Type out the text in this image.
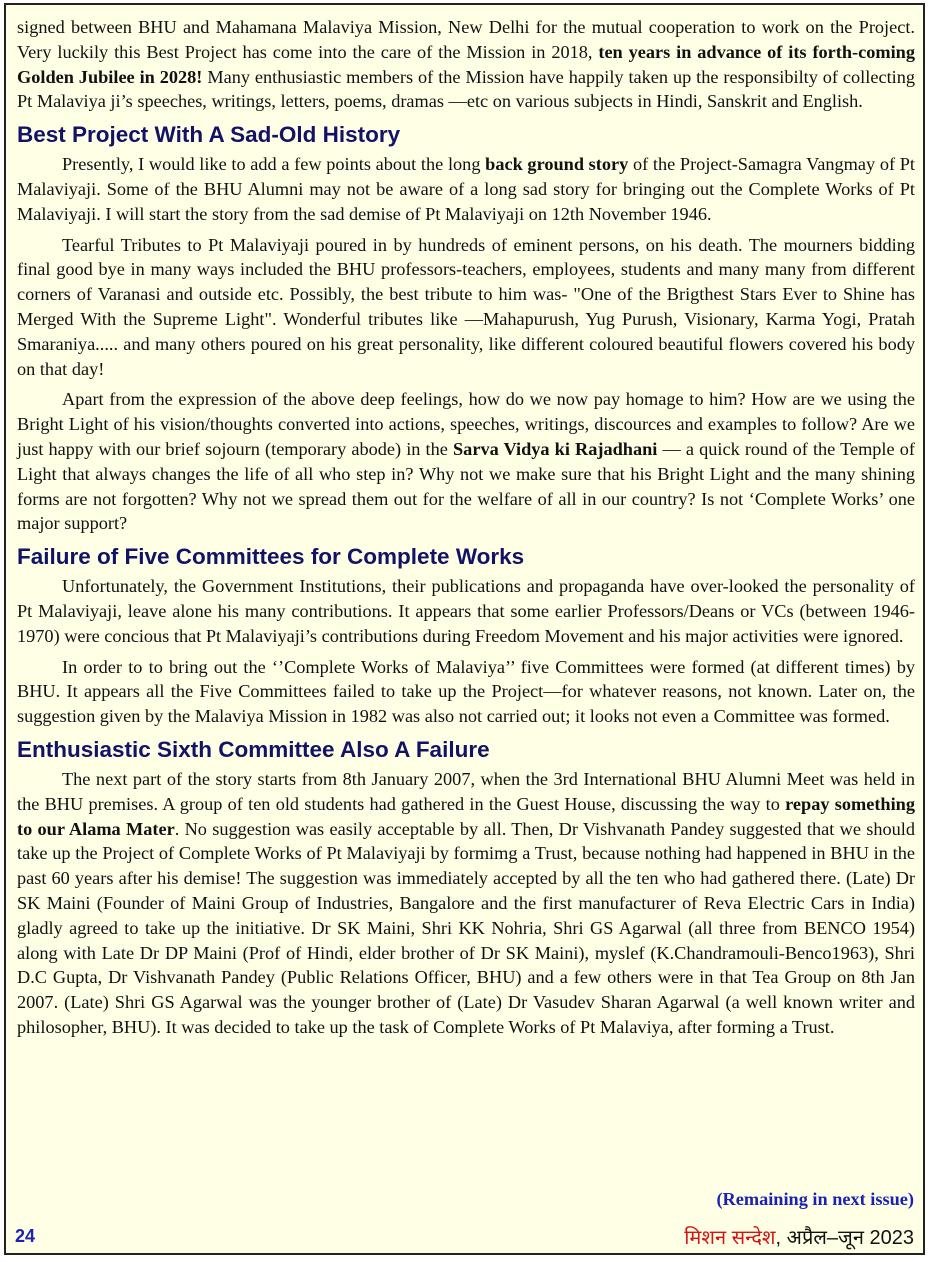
signed between BHU and Mahamana Malaviya Mission, New Delhi for the mutual cooperation to work on the Project. Very luckily this Best Project has come into the care of the Mission in 2018, ten years in advance of its forth-coming Golden Jubilee in 2028! Many enthusiastic members of the Mission have happily taken up the responsibilty of collecting Pt Malaviya ji’s speeches, writings, letters, poems, dramas —etc on various subjects in Hindi, Sanskrit and English.

Best Project With A Sad-Old History

Presently, I would like to add a few points about the long back ground story of the Project-Samagra Vangmay of Pt Malaviyaji. Some of the BHU Alumni may not be aware of a long sad story for bringing out the Complete Works of Pt Malaviyaji. I will start the story from the sad demise of Pt Malaviyaji on 12th November 1946.

Tearful Tributes to Pt Malaviyaji poured in by hundreds of eminent persons, on his death. The mourners bidding final good bye in many ways included the BHU professors-teachers, employees, students and many many from different corners of Varanasi and outside etc. Possibly, the best tribute to him was- "One of the Brigthest Stars Ever to Shine has Merged With the Supreme Light". Wonderful tributes like —Mahapurush, Yug Purush, Visionary, Karma Yogi, Pratah Smaraniya..... and many others poured on his great personality, like different coloured beautiful flowers covered his body on that day!

Apart from the expression of the above deep feelings, how do we now pay homage to him? How are we using the Bright Light of his vision/thoughts converted into actions, speeches, writings, discources and examples to follow? Are we just happy with our brief sojourn (temporary abode) in the Sarva Vidya ki Rajadhani — a quick round of the Temple of Light that always changes the life of all who step in? Why not we make sure that his Bright Light and the many shining forms are not forgotten? Why not we spread them out for the welfare of all in our country? Is not ‘Complete Works’ one major support?

Failure of Five Committees for Complete Works

Unfortunately, the Government Institutions, their publications and propaganda have over-looked the personality of Pt Malaviyaji, leave alone his many contributions. It appears that some earlier Professors/Deans or VCs (between 1946-1970) were concious that Pt Malaviyaji’s contributions during Freedom Movement and his major activities were ignored.

In order to to bring out the ‘’Complete Works of Malaviya’’ five Committees were formed (at different times) by BHU. It appears all the Five Committees failed to take up the Project—for whatever reasons, not known. Later on, the suggestion given by the Malaviya Mission in 1982 was also not carried out; it looks not even a Committee was formed.

Enthusiastic Sixth Committee Also A Failure

The next part of the story starts from 8th January 2007, when the 3rd International BHU Alumni Meet was held in the BHU premises. A group of ten old students had gathered in the Guest House, discussing the way to repay something to our Alama Mater. No suggestion was easily acceptable by all. Then, Dr Vishvanath Pandey suggested that we should take up the Project of Complete Works of Pt Malaviyaji by formimg a Trust, because nothing had happened in BHU in the past 60 years after his demise! The suggestion was immediately accepted by all the ten who had gathered there. (Late) Dr SK Maini (Founder of Maini Group of Industries, Bangalore and the first manufacturer of Reva Electric Cars in India) gladly agreed to take up the initiative. Dr SK Maini, Shri KK Nohria, Shri GS Agarwal (all three from BENCO 1954) along with Late Dr DP Maini (Prof of Hindi, elder brother of Dr SK Maini), myslef (K.Chandramouli-Benco1963), Shri D.C Gupta, Dr Vishvanath Pandey (Public Relations Officer, BHU) and a few others were in that Tea Group on 8th Jan 2007. (Late) Shri GS Agarwal was the younger brother of (Late) Dr Vasudev Sharan Agarwal (a well known writer and philosopher, BHU). It was decided to take up the task of Complete Works of Pt Malaviya, after forming a Trust.

(Remaining in next issue)
24	मिशन सन्देश, अप्रैल–जून 2023
